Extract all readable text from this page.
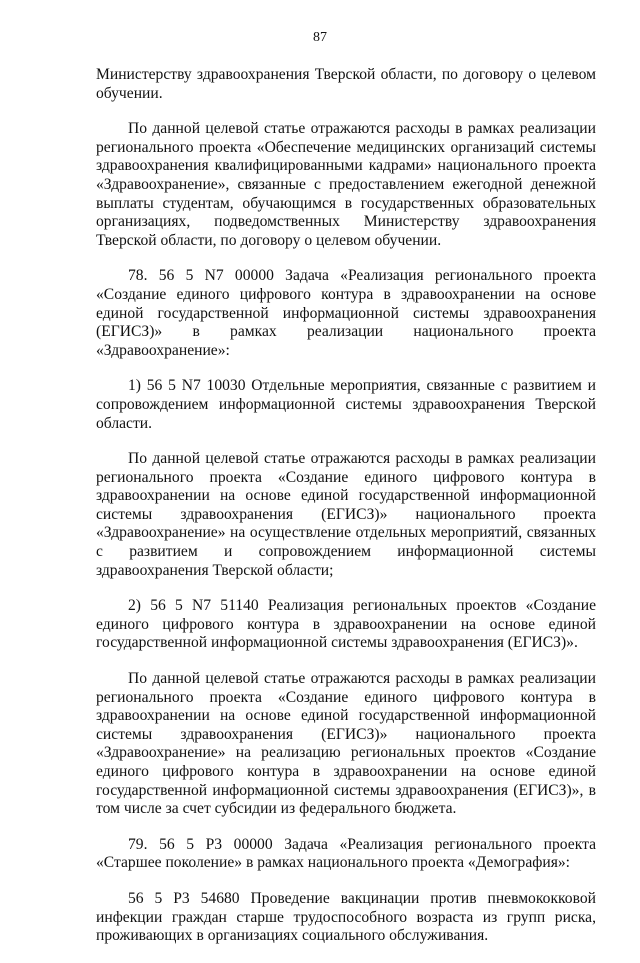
87

Министерству здравоохранения Тверской области, по договору о целевом обучении.

По данной целевой статье отражаются расходы в рамках реализации регионального проекта «Обеспечение медицинских организаций системы здравоохранения квалифицированными кадрами» национального проекта «Здравоохранение», связанные с предоставлением ежегодной денежной выплаты студентам, обучающимся в государственных образовательных организациях, подведомственных Министерству здравоохранения Тверской области, по договору о целевом обучении.

78. 56 5 N7 00000 Задача «Реализация регионального проекта «Создание единого цифрового контура в здравоохранении на основе единой государственной информационной системы здравоохранения (ЕГИСЗ)» в рамках реализации национального проекта «Здравоохранение»:

1) 56 5 N7 10030 Отдельные мероприятия, связанные с развитием и сопровождением информационной системы здравоохранения Тверской области.

По данной целевой статье отражаются расходы в рамках реализации регионального проекта «Создание единого цифрового контура в здравоохранении на основе единой государственной информационной системы здравоохранения (ЕГИСЗ)» национального проекта «Здравоохранение» на осуществление отдельных мероприятий, связанных с развитием и сопровождением информационной системы здравоохранения Тверской области;

2) 56 5 N7 51140 Реализация региональных проектов «Создание единого цифрового контура в здравоохранении на основе единой государственной информационной системы здравоохранения (ЕГИСЗ)».

По данной целевой статье отражаются расходы в рамках реализации регионального проекта «Создание единого цифрового контура в здравоохранении на основе единой государственной информационной системы здравоохранения (ЕГИСЗ)» национального проекта «Здравоохранение» на реализацию региональных проектов «Создание единого цифрового контура в здравоохранении на основе единой государственной информационной системы здравоохранения (ЕГИСЗ)», в том числе за счет субсидии из федерального бюджета.

79. 56 5 P3 00000 Задача «Реализация регионального проекта «Старшее поколение» в рамках национального проекта «Демография»:

56 5 P3 54680 Проведение вакцинации против пневмококковой инфекции граждан старше трудоспособного возраста из групп риска, проживающих в организациях социального обслуживания.
